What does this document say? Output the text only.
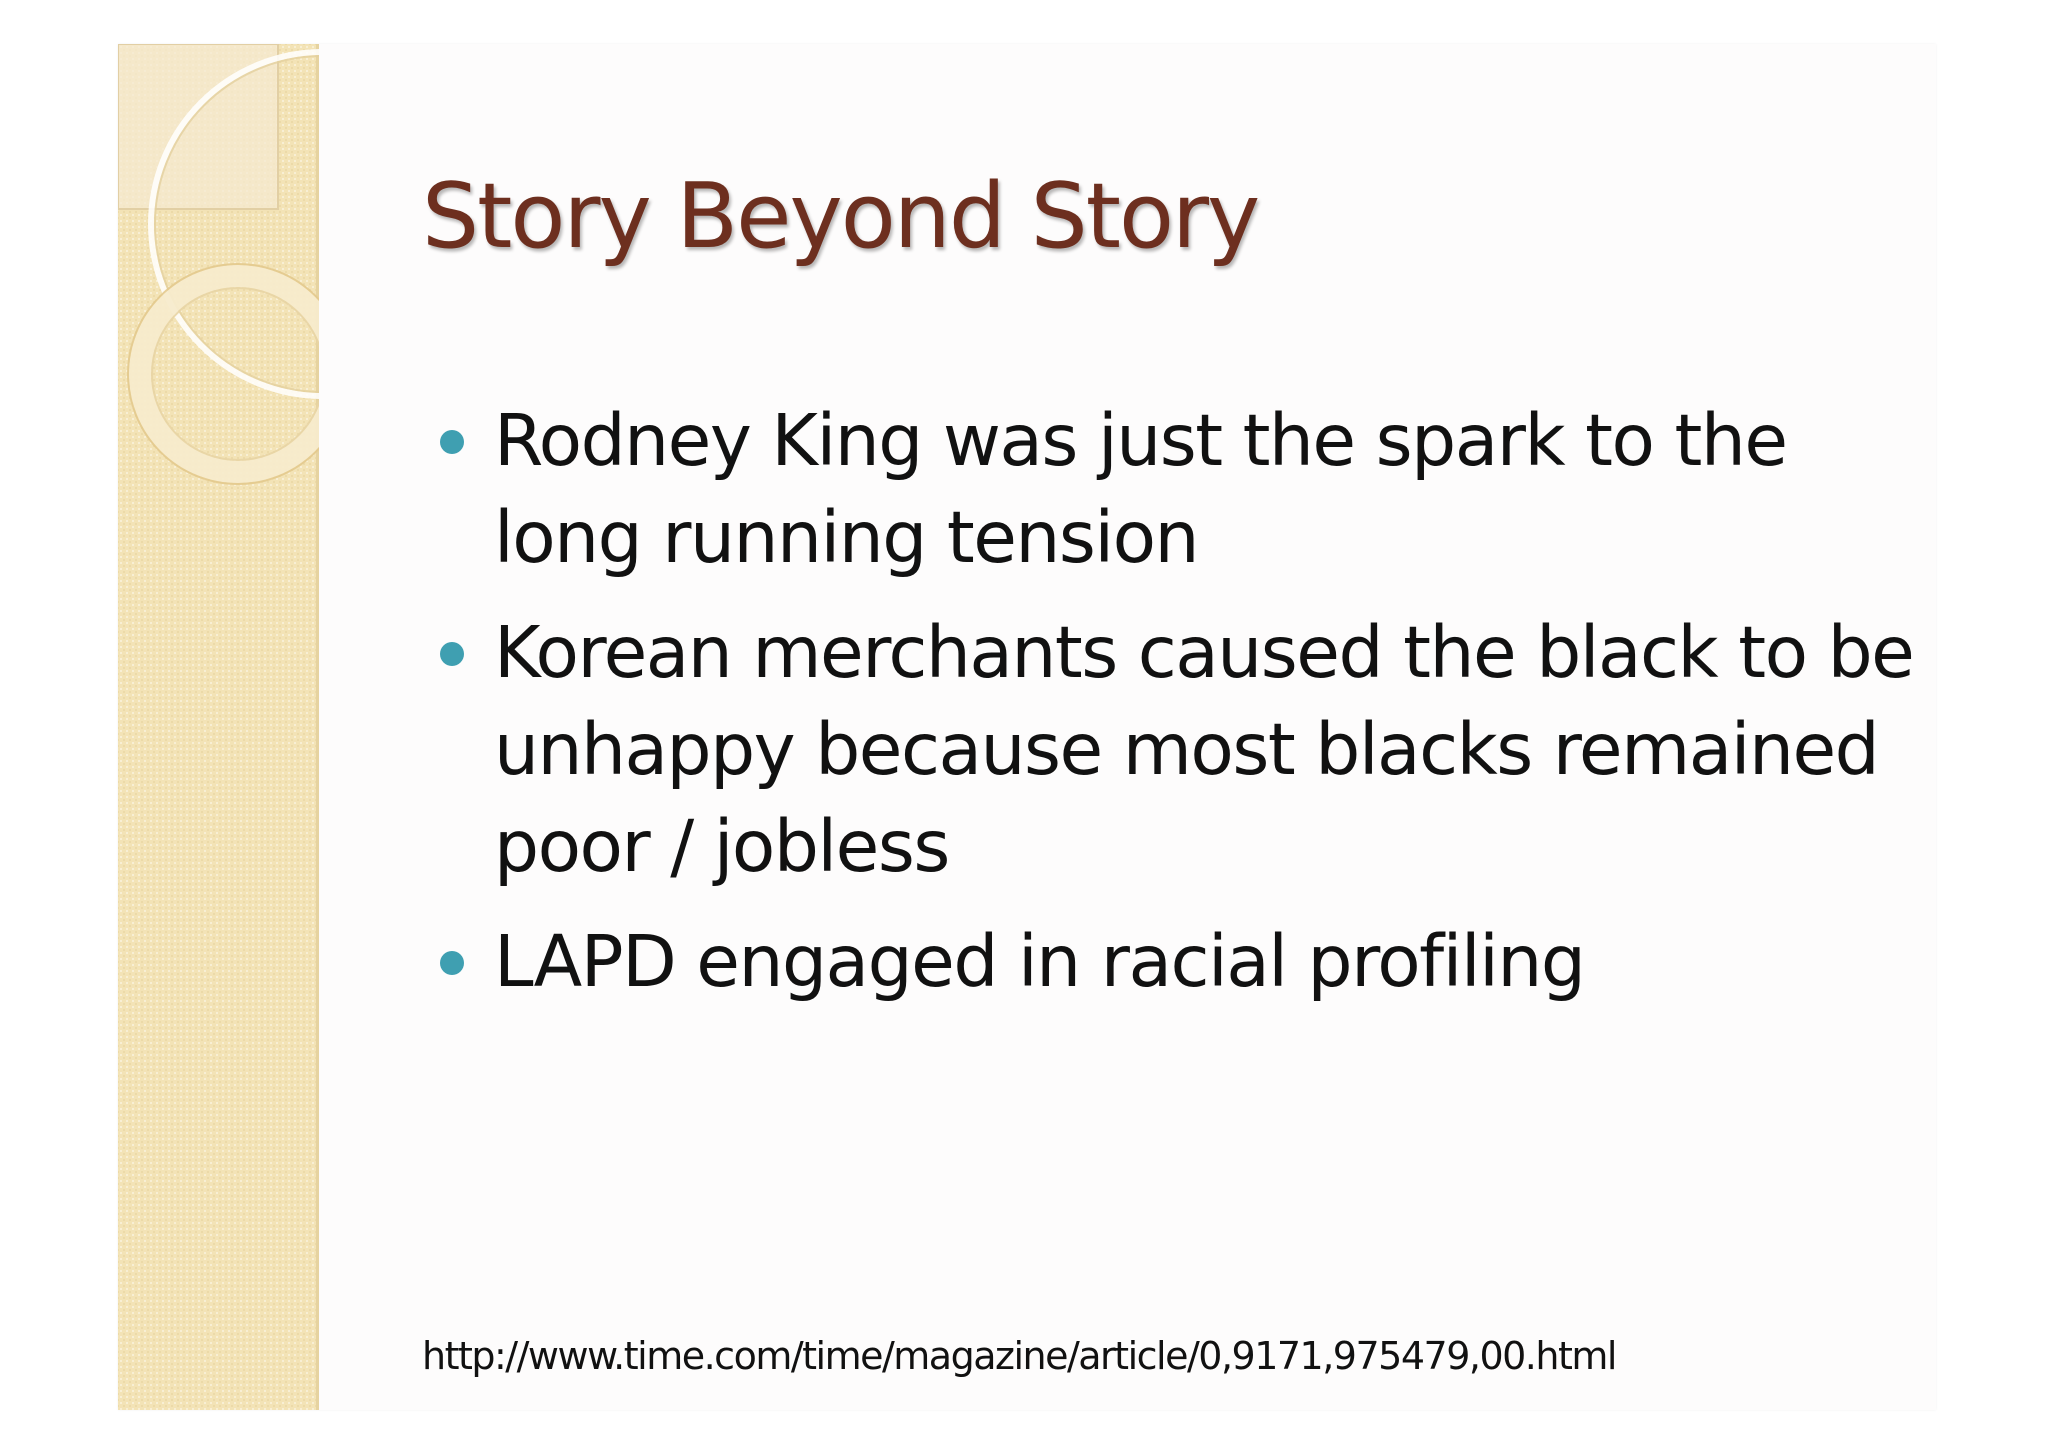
Story Beyond Story
Rodney King was just the spark to the long running tension
Korean merchants caused the black to be unhappy because most blacks remained poor / jobless
LAPD engaged in racial profiling
http://www.time.com/time/magazine/article/0,9171,975479,00.html
